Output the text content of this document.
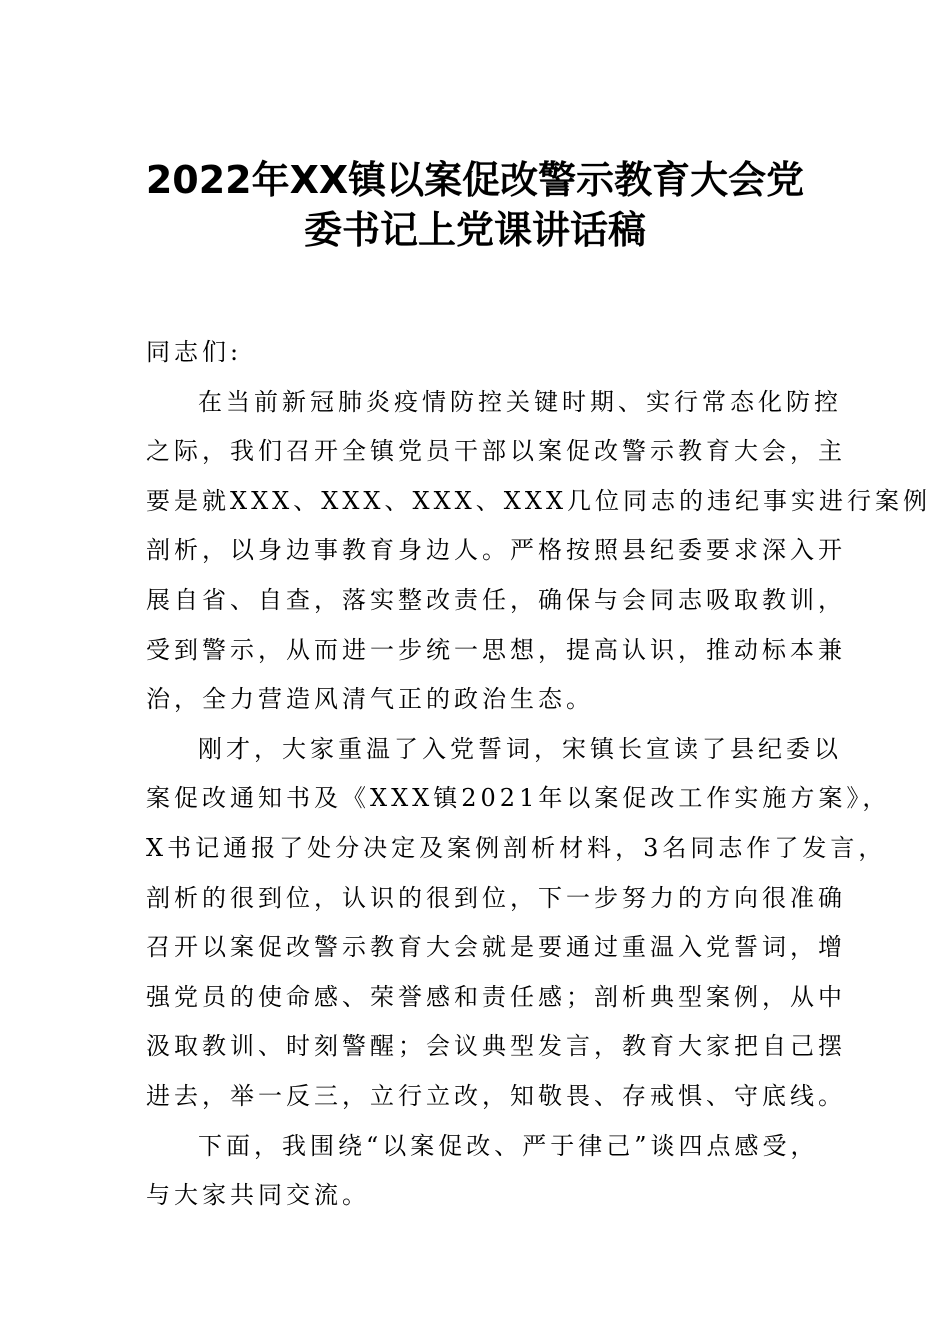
2022年XX镇以案促改警示教育大会党
委书记上党课讲话稿
同志们:
在当前新冠肺炎疫情防控关键时期、实行常态化防控
之际，我们召开全镇党员干部以案促改警示教育大会，主
要是就XXX、XXX、XXX、XXX几位同志的违纪事实进行案例
剖析，以身边事教育身边人。严格按照县纪委要求深入开
展自省、自查，落实整改责任，确保与会同志吸取教训，
受到警示，从而进一步统一思想，提高认识，推动标本兼
治，全力营造风清气正的政治生态。
刚才，大家重温了入党誓词，宋镇长宣读了县纪委以
案促改通知书及《XXX镇2021年以案促改工作实施方案》，
X书记通报了处分决定及案例剖析材料，3名同志作了发言，
剖析的很到位，认识的很到位，下一步努力的方向很准确
召开以案促改警示教育大会就是要通过重温入党誓词，增
强党员的使命感、荣誉感和责任感；剖析典型案例，从中
汲取教训、时刻警醒；会议典型发言，教育大家把自己摆
进去，举一反三，立行立改，知敬畏、存戒惧、守底线。
下面，我围绕“以案促改、严于律己”谈四点感受，
与大家共同交流。
